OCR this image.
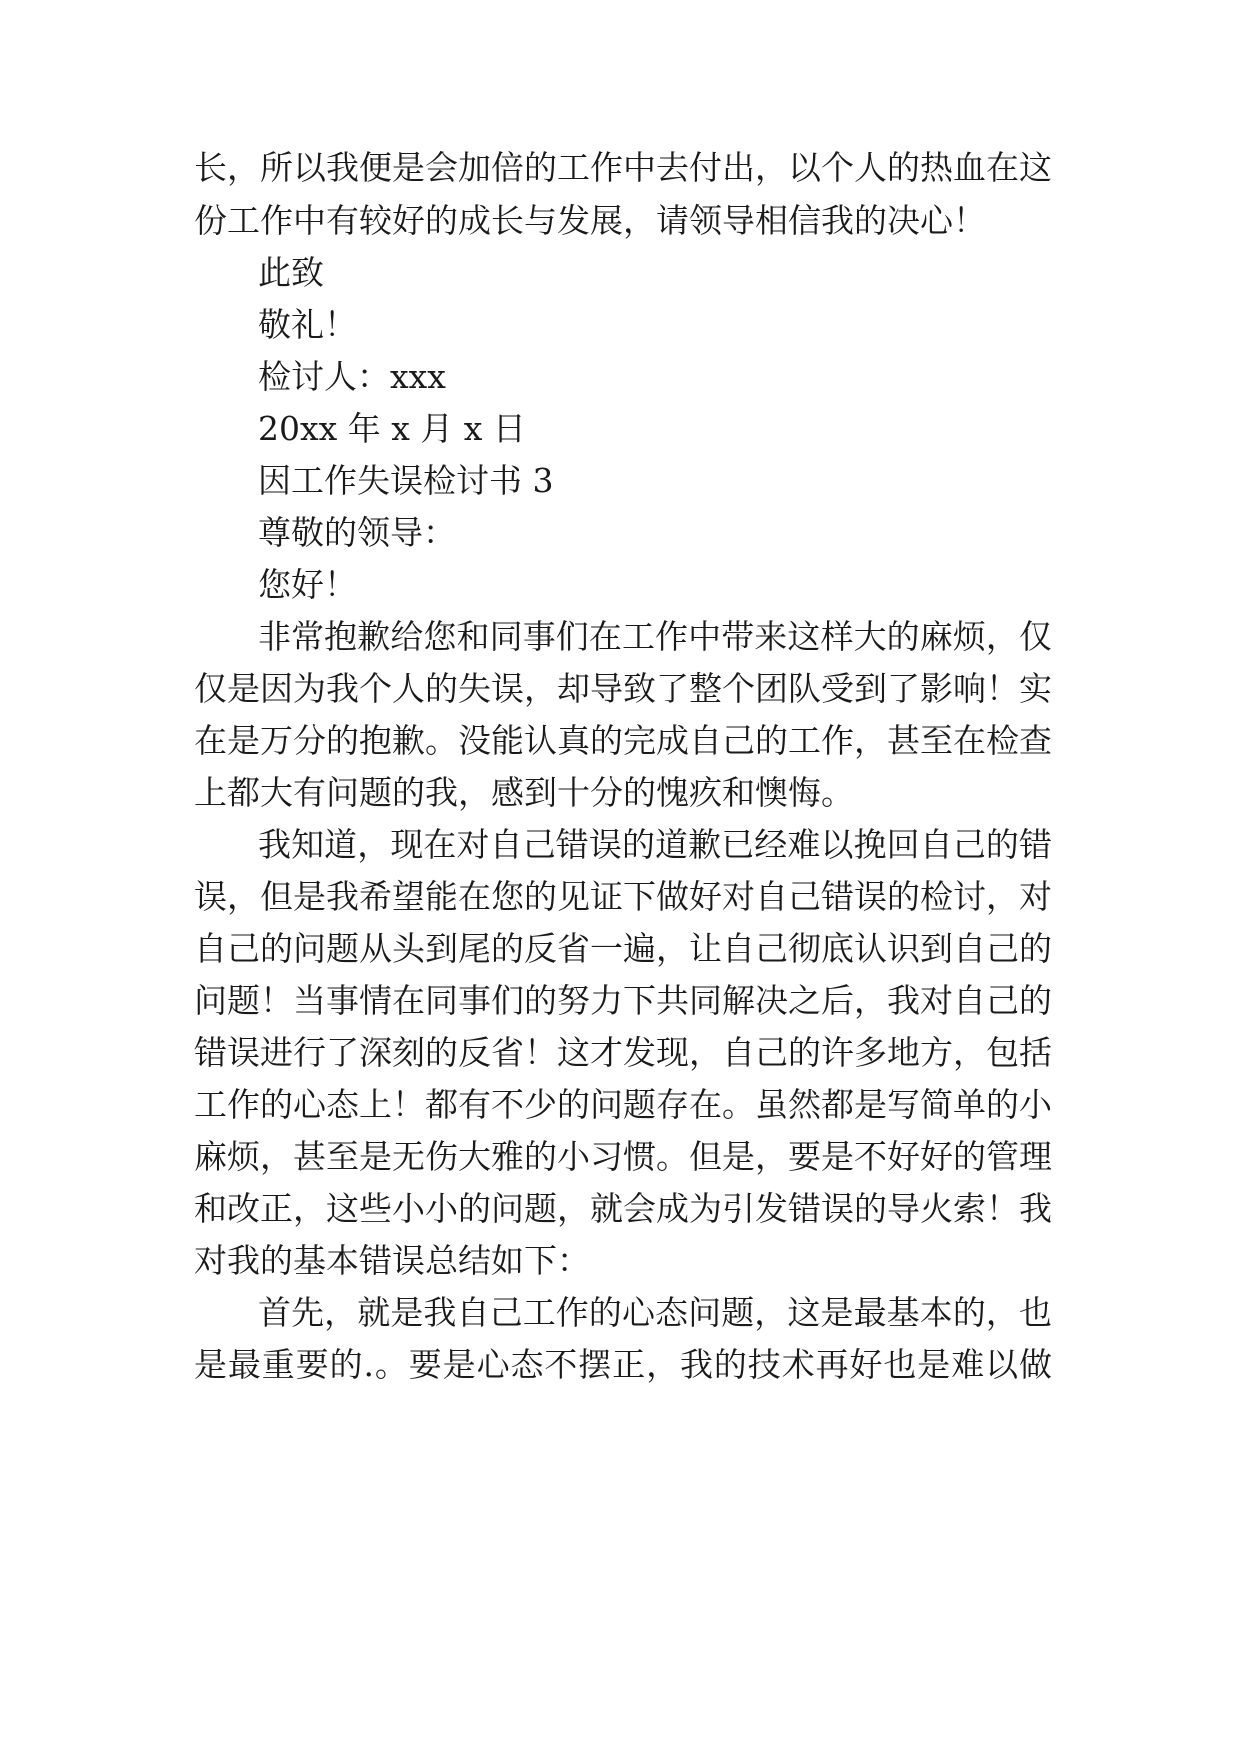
长，所以我便是会加倍的工作中去付出，以个人的热血在这
份工作中有较好的成长与发展，请领导相信我的决心！
此致
敬礼！
检讨人：xxx
20xx 年 x 月 x 日
因工作失误检讨书 3
尊敬的领导：
您好！
非常抱歉给您和同事们在工作中带来这样大的麻烦，仅
仅是因为我个人的失误，却导致了整个团队受到了影响！实
在是万分的抱歉。没能认真的完成自己的工作，甚至在检查
上都大有问题的我，感到十分的愧疚和懊悔。
我知道，现在对自己错误的道歉已经难以挽回自己的错
误，但是我希望能在您的见证下做好对自己错误的检讨，对
自己的问题从头到尾的反省一遍，让自己彻底认识到自己的
问题！当事情在同事们的努力下共同解决之后，我对自己的
错误进行了深刻的反省！这才发现，自己的许多地方，包括
工作的心态上！都有不少的问题存在。虽然都是写简单的小
麻烦，甚至是无伤大雅的小习惯。但是，要是不好好的管理
和改正，这些小小的问题，就会成为引发错误的导火索！我
对我的基本错误总结如下：
首先，就是我自己工作的心态问题，这是最基本的，也
是最重要的.。要是心态不摆正，我的技术再好也是难以做
